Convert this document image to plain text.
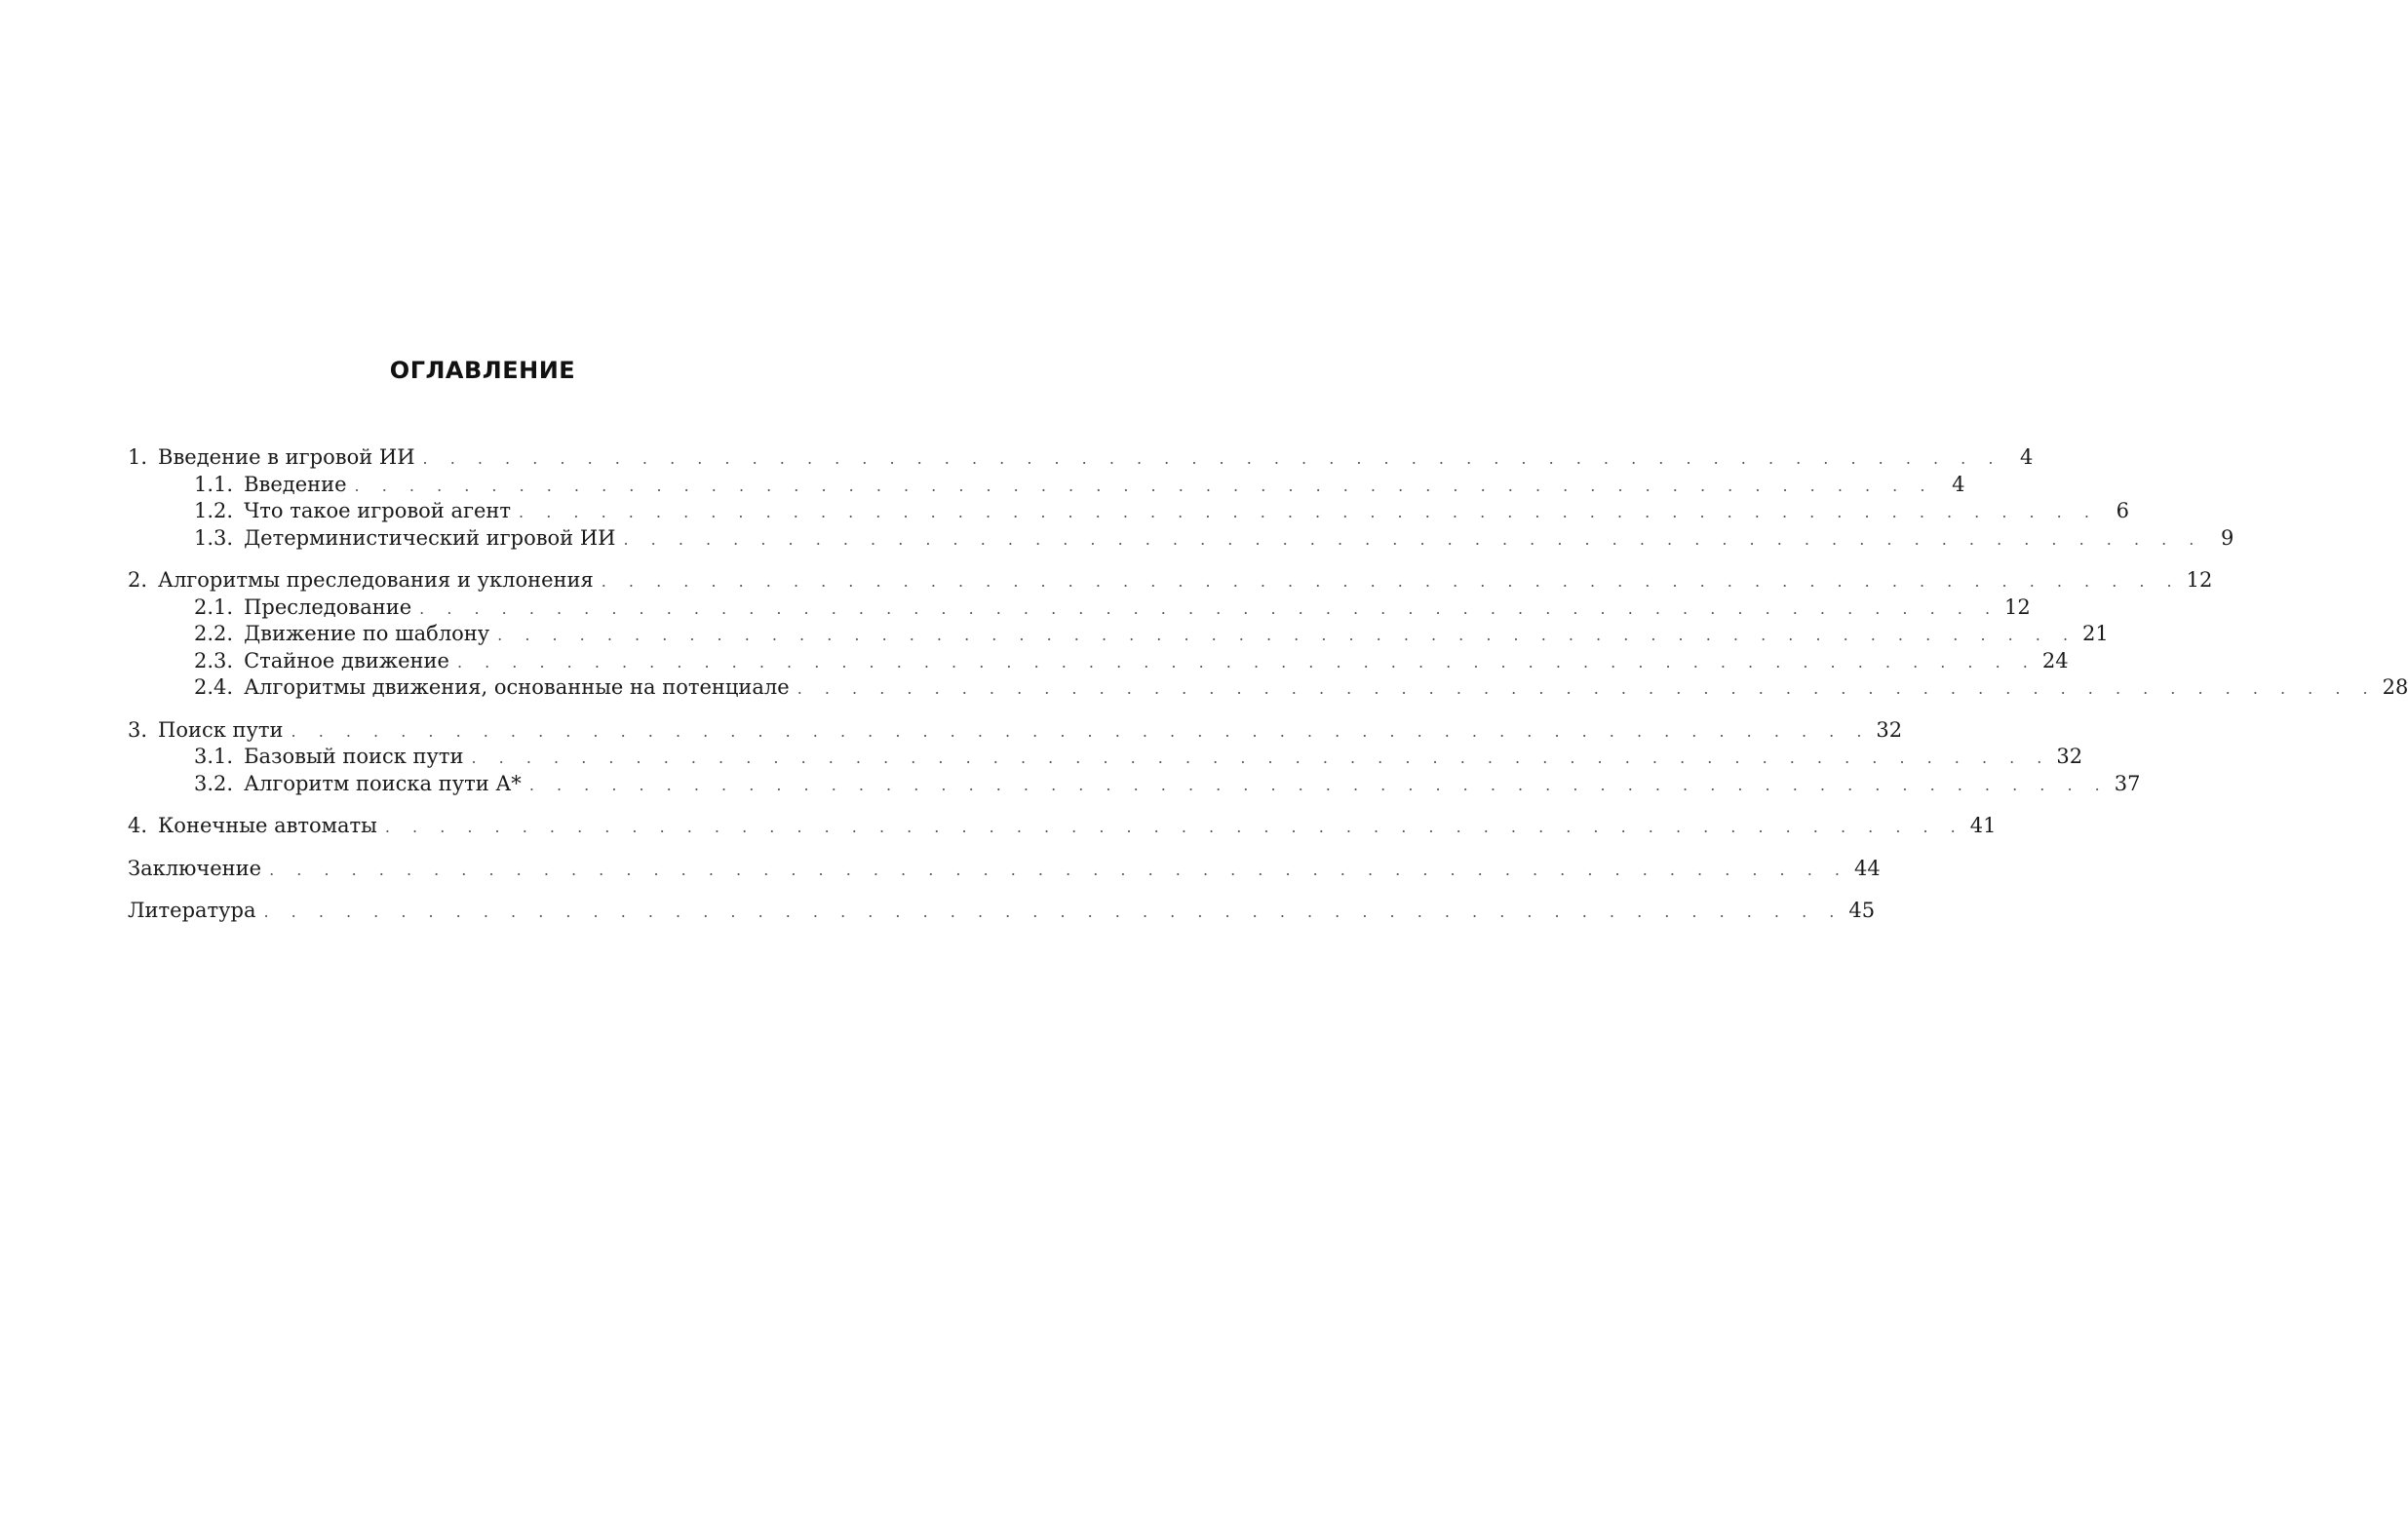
ОГЛАВЛЕНИЕ
1. Введение в игровой ИИ . . . . . . . . . . . . . . . . . . . . . . . . . . . . . . . . . . . . . . . . . . . . . . . . . . . . . . . . . . 4
1.1. Введение . . . . . . . . . . . . . . . . . . . . . . . . . . . . . . . . . . . . . . . . . . . . . . . . . . . . . . . . . . 4
1.2. Что такое игровой агент . . . . . . . . . . . . . . . . . . . . . . . . . . . . . . . . . . . . . . . . . . . . . . . . . . . . . . . . . . 6
1.3. Детерминистический игровой ИИ . . . . . . . . . . . . . . . . . . . . . . . . . . . . . . . . . . . . . . . . . . . . . . . . . . . . . . . . . . 9
2. Алгоритмы преследования и уклонения . . . . . . . . . . . . . . . . . . . . . . . . . . . . . . . . . . . . . . . . . . . . . . . . . . . . . . . . . . 12
2.1. Преследование . . . . . . . . . . . . . . . . . . . . . . . . . . . . . . . . . . . . . . . . . . . . . . . . . . . . . . . . . . 12
2.2. Движение по шаблону . . . . . . . . . . . . . . . . . . . . . . . . . . . . . . . . . . . . . . . . . . . . . . . . . . . . . . . . . . 21
2.3. Стайное движение . . . . . . . . . . . . . . . . . . . . . . . . . . . . . . . . . . . . . . . . . . . . . . . . . . . . . . . . . . 24
2.4. Алгоритмы движения, основанные на потенциале . . . . . . . . . . . . . . . . . . . . . . . . . . . . . . . . . . . . . . . . . . . . . . . . . . . . . . . . . . 28
3. Поиск пути . . . . . . . . . . . . . . . . . . . . . . . . . . . . . . . . . . . . . . . . . . . . . . . . . . . . . . . . . . 32
3.1. Базовый поиск пути . . . . . . . . . . . . . . . . . . . . . . . . . . . . . . . . . . . . . . . . . . . . . . . . . . . . . . . . . . 32
3.2. Алгоритм поиска пути А* . . . . . . . . . . . . . . . . . . . . . . . . . . . . . . . . . . . . . . . . . . . . . . . . . . . . . . . . . . 37
4. Конечные автоматы . . . . . . . . . . . . . . . . . . . . . . . . . . . . . . . . . . . . . . . . . . . . . . . . . . . . . . . . . . 41
Заключение . . . . . . . . . . . . . . . . . . . . . . . . . . . . . . . . . . . . . . . . . . . . . . . . . . . . . . . . . . 44
Литература . . . . . . . . . . . . . . . . . . . . . . . . . . . . . . . . . . . . . . . . . . . . . . . . . . . . . . . . . . 45
